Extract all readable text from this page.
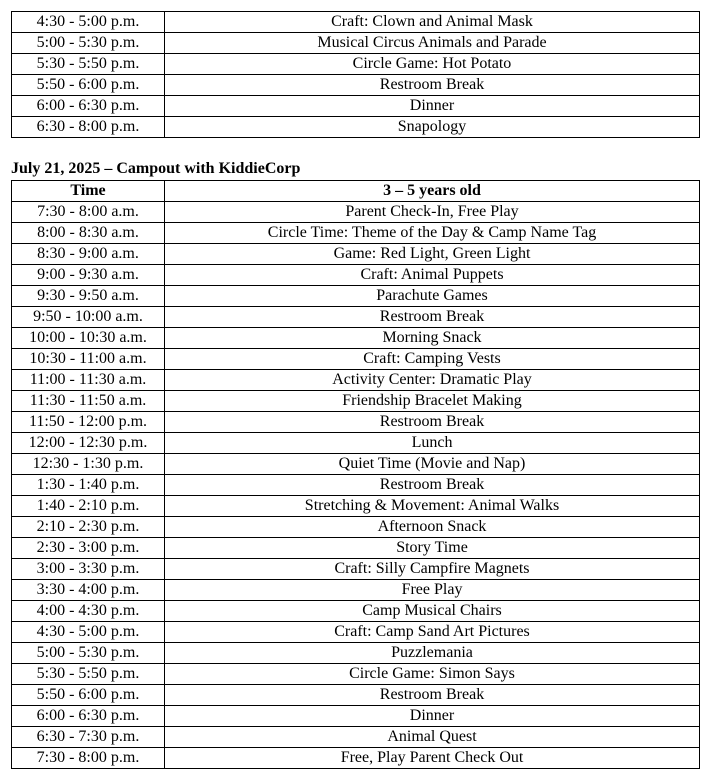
4:30 - 5:00 p.m.	Craft: Clown and Animal Mask
5:00 - 5:30 p.m.	Musical Circus Animals and Parade
5:30 - 5:50 p.m.	Circle Game: Hot Potato
5:50 - 6:00 p.m.	Restroom Break
6:00 - 6:30 p.m.	Dinner
6:30 - 8:00 p.m.	Snapology
July 21, 2025 – Campout with KiddieCorp
Time	3 – 5 years old
7:30 - 8:00 a.m.	Parent Check-In, Free Play
8:00 - 8:30 a.m.	Circle Time: Theme of the Day & Camp Name Tag
8:30 - 9:00 a.m.	Game: Red Light, Green Light
9:00 - 9:30 a.m.	Craft: Animal Puppets
9:30 - 9:50 a.m.	Parachute Games
9:50 - 10:00 a.m.	Restroom Break
10:00 - 10:30 a.m.	Morning Snack
10:30 - 11:00 a.m.	Craft: Camping Vests
11:00 - 11:30 a.m.	Activity Center: Dramatic Play
11:30 - 11:50 a.m.	Friendship Bracelet Making
11:50 - 12:00 p.m.	Restroom Break
12:00 - 12:30 p.m.	Lunch
12:30 - 1:30 p.m.	Quiet Time (Movie and Nap)
1:30 - 1:40 p.m.	Restroom Break
1:40 - 2:10 p.m.	Stretching & Movement: Animal Walks
2:10 - 2:30 p.m.	Afternoon Snack
2:30 - 3:00 p.m.	Story Time
3:00 - 3:30 p.m.	Craft: Silly Campfire Magnets
3:30 - 4:00 p.m.	Free Play
4:00 - 4:30 p.m.	Camp Musical Chairs
4:30 - 5:00 p.m.	Craft: Camp Sand Art Pictures
5:00 - 5:30 p.m.	Puzzlemania
5:30 - 5:50 p.m.	Circle Game: Simon Says
5:50 - 6:00 p.m.	Restroom Break
6:00 - 6:30 p.m.	Dinner
6:30 - 7:30 p.m.	Animal Quest
7:30 - 8:00 p.m.	Free, Play Parent Check Out
